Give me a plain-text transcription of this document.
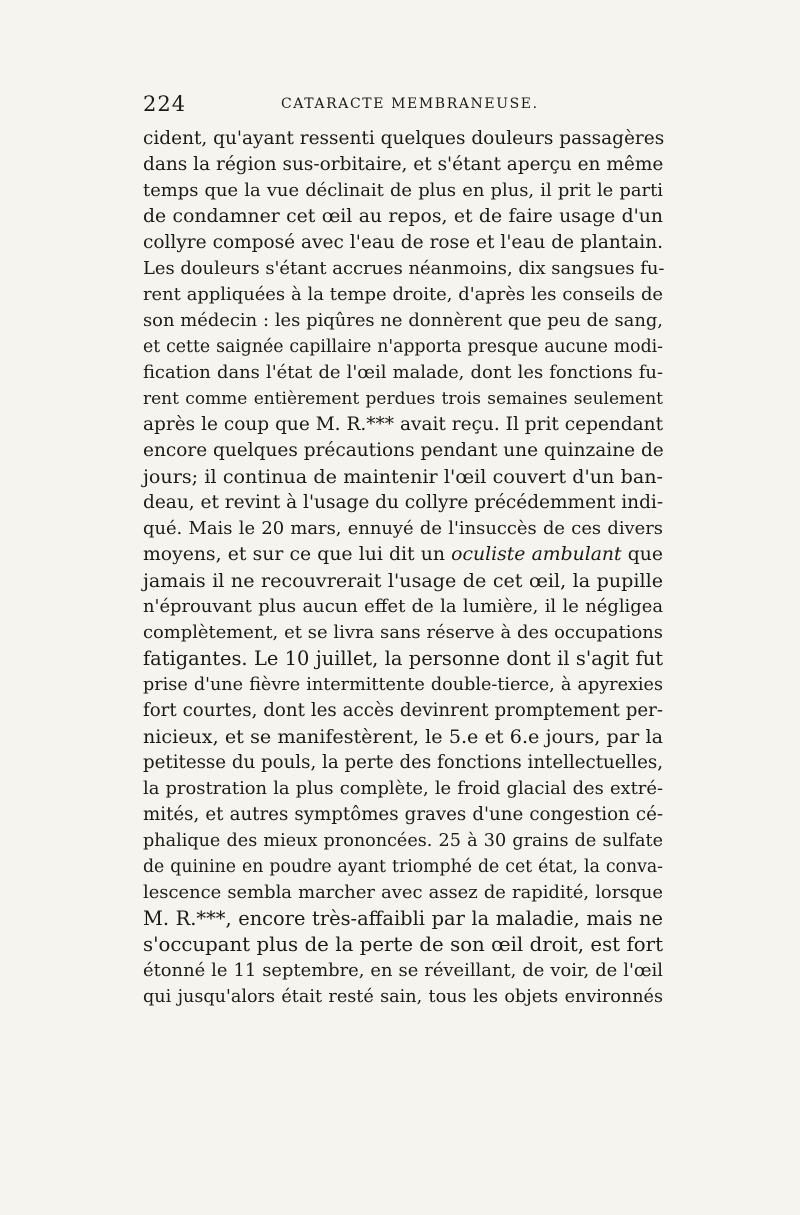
224	CATARACTE MEMBRANEUSE.
cident, qu'ayant ressenti quelques douleurs passagères
dans la région sus-orbitaire, et s'étant aperçu en même
temps que la vue déclinait de plus en plus, il prit le parti
de condamner cet œil au repos, et de faire usage d'un
collyre composé avec l'eau de rose et l'eau de plantain.
Les douleurs s'étant accrues néanmoins, dix sangsues fu-
rent appliquées à la tempe droite, d'après les conseils de
son médecin : les piqûres ne donnèrent que peu de sang,
et cette saignée capillaire n'apporta presque aucune modi-
fication dans l'état de l'œil malade, dont les fonctions fu-
rent comme entièrement perdues trois semaines seulement
après le coup que M. R.*** avait reçu. Il prit cependant
encore quelques précautions pendant une quinzaine de
jours; il continua de maintenir l'œil couvert d'un ban-
deau, et revint à l'usage du collyre précédemment indi-
qué. Mais le 20 mars, ennuyé de l'insuccès de ces divers
moyens, et sur ce que lui dit un oculiste ambulant que
jamais il ne recouvrerait l'usage de cet œil, la pupille
n'éprouvant plus aucun effet de la lumière, il le négligea
complètement, et se livra sans réserve à des occupations
fatigantes. Le 10 juillet, la personne dont il s'agit fut
prise d'une fièvre intermittente double-tierce, à apyrexies
fort courtes, dont les accès devinrent promptement per-
nicieux, et se manifestèrent, le 5.e et 6.e jours, par la
petitesse du pouls, la perte des fonctions intellectuelles,
la prostration la plus complète, le froid glacial des extré-
mités, et autres symptômes graves d'une congestion cé-
phalique des mieux prononcées. 25 à 30 grains de sulfate
de quinine en poudre ayant triomphé de cet état, la conva-
lescence sembla marcher avec assez de rapidité, lorsque
M. R.***, encore très-affaibli par la maladie, mais ne
s'occupant plus de la perte de son œil droit, est fort
étonné le 11 septembre, en se réveillant, de voir, de l'œil
qui jusqu'alors était resté sain, tous les objets environnés
